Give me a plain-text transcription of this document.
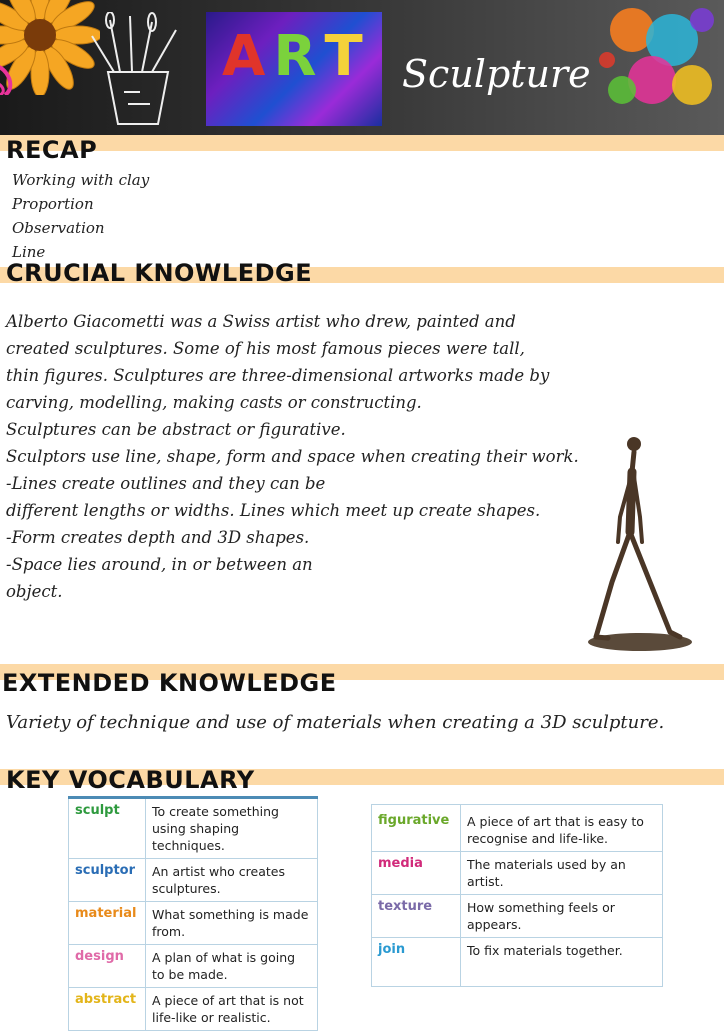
A R T Sculpture
RECAP
Working with clay
Proportion
Observation
Line
CRUCIAL KNOWLEDGE

Alberto Giacometti was a Swiss artist who drew, painted and

created sculptures. Some of his most famous pieces were tall,

thin figures. Sculptures are three-dimensional artworks made by

carving, modelling, making casts or constructing.

Sculptures can be abstract or figurative.

Sculptors use line, shape, form and space when creating their work.

-Lines create outlines and they can be

different lengths or widths. Lines which meet up create shapes.

-Form creates depth and 3D shapes.

-Space lies around, in or between an

object.

EXTENDED KNOWLEDGE
Variety of technique and use of materials when creating a 3D sculpture.
KEY VOCABULARY
sculpt	To create something using shaping techniques.
sculptor	An artist who creates sculptures.
material	What something is made from.
design	A plan of what is going to be made.
abstract	A piece of art that is not life-like or realistic.
figurative	A piece of art that is easy to recognise and life-like.
media	The materials used by an artist.
texture	How something feels or appears.
join	To fix materials together.
